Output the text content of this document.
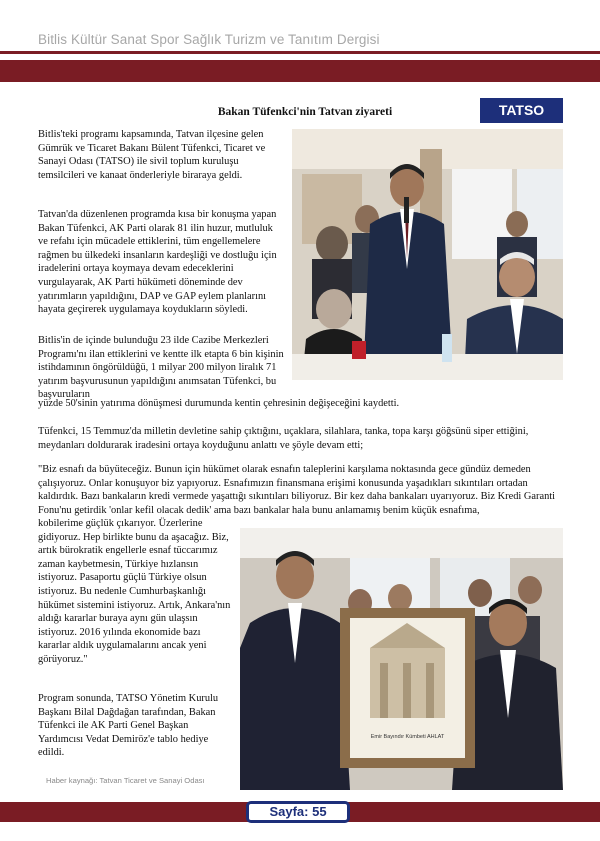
Bitlis Kültür Sanat Spor Sağlık Turizm ve Tanıtım Dergisi
Bakan Tüfenkci'nin Tatvan ziyareti	TATSO
Bitlis'teki programı kapsamında, Tatvan ilçesine gelen Gümrük ve Ticaret Bakanı Bülent Tüfenkci, Ticaret ve Sanayi Odası (TATSO) ile sivil toplum kuruluşu temsilcileri ve kanaat önderleriyle biraraya geldi.
Tatvan'da düzenlenen programda kısa bir konuşma yapan Bakan Tüfenkci, AK Parti olarak 81 ilin huzur, mutluluk ve refahı için mücadele ettiklerini, tüm engellemelere rağmen bu ülkedeki insanların kardeşliği ve dostluğu için iradelerini ortaya koymaya devam edeceklerini vurgulayarak, AK Parti hükümeti döneminde dev yatırımların yapıldığını, DAP ve GAP eylem planlarını hayata geçirerek uygulamaya koydukların söyledi.
Bitlis'in de içinde bulunduğu 23 ilde Cazibe Merkezleri Programı'nı ilan ettiklerini ve kentte ilk etapta 6 bin kişinin istihdamının öngörüldüğü, 1 milyar 200 milyon liralık 71 yatırım başvurusunun yapıldığını anımsatan Tüfenkci, bu başvuruların
yüzde 50'sinin yatırıma dönüşmesi durumunda kentin çehresinin değişeceğini kaydetti.
Tüfenkci, 15 Temmuz'da milletin devletine sahip çıktığını, uçaklara, silahlara, tanka, topa karşı göğsünü siper ettiğini, meydanları doldurarak iradesini ortaya koyduğunu anlattı ve şöyle devam etti;
"Biz esnafı da büyüteceğiz. Bunun için hükümet olarak esnafın taleplerini karşılama noktasında gece gündüz demeden çalışıyoruz. Onlar konuşuyor biz yapıyoruz. Esnafımızın finansmana erişimi konusunda yaşadıkları sıkıntıları ortadan kaldırdık. Bazı bankaların kredi vermede yaşattığı sıkıntıları biliyoruz. Bir kez daha bankaları uyarıyoruz. Biz Kredi Garanti Fonu'nu getirdik 'onlar kefil olacak dedik' ama bazı bankalar hala bunu anlamamış benim küçük esnafıma,
kobilerime güçlük çıkarıyor. Üzerlerine gidiyoruz. Hep birlikte bunu da aşacağız. Biz, artık bürokratik engellerle esnaf tüccarımız zaman kaybetmesin, Türkiye hızlansın istiyoruz. Pasaportu güçlü Türkiye olsun istiyoruz. Bu nedenle Cumhurbaşkanlığı hükümet sistemini istiyoruz. Artık, Ankara'nın aldığı kararlar buraya aynı gün ulaşsın istiyoruz. 2016 yılında ekonomide bazı kararlar aldık uygulamalarını ancak yeni görüyoruz."
Program sonunda, TATSO Yönetim Kurulu Başkanı Bilal Dağdağan tarafından, Bakan Tüfenkci ile AK Parti Genel Başkan Yardımcısı Vedat Demiröz'e tablo hediye edildi.
Haber kaynağı: Tatvan Ticaret ve Sanayi Odası
Emir Bayındır Kümbeti AHLAT
Sayfa: 55
